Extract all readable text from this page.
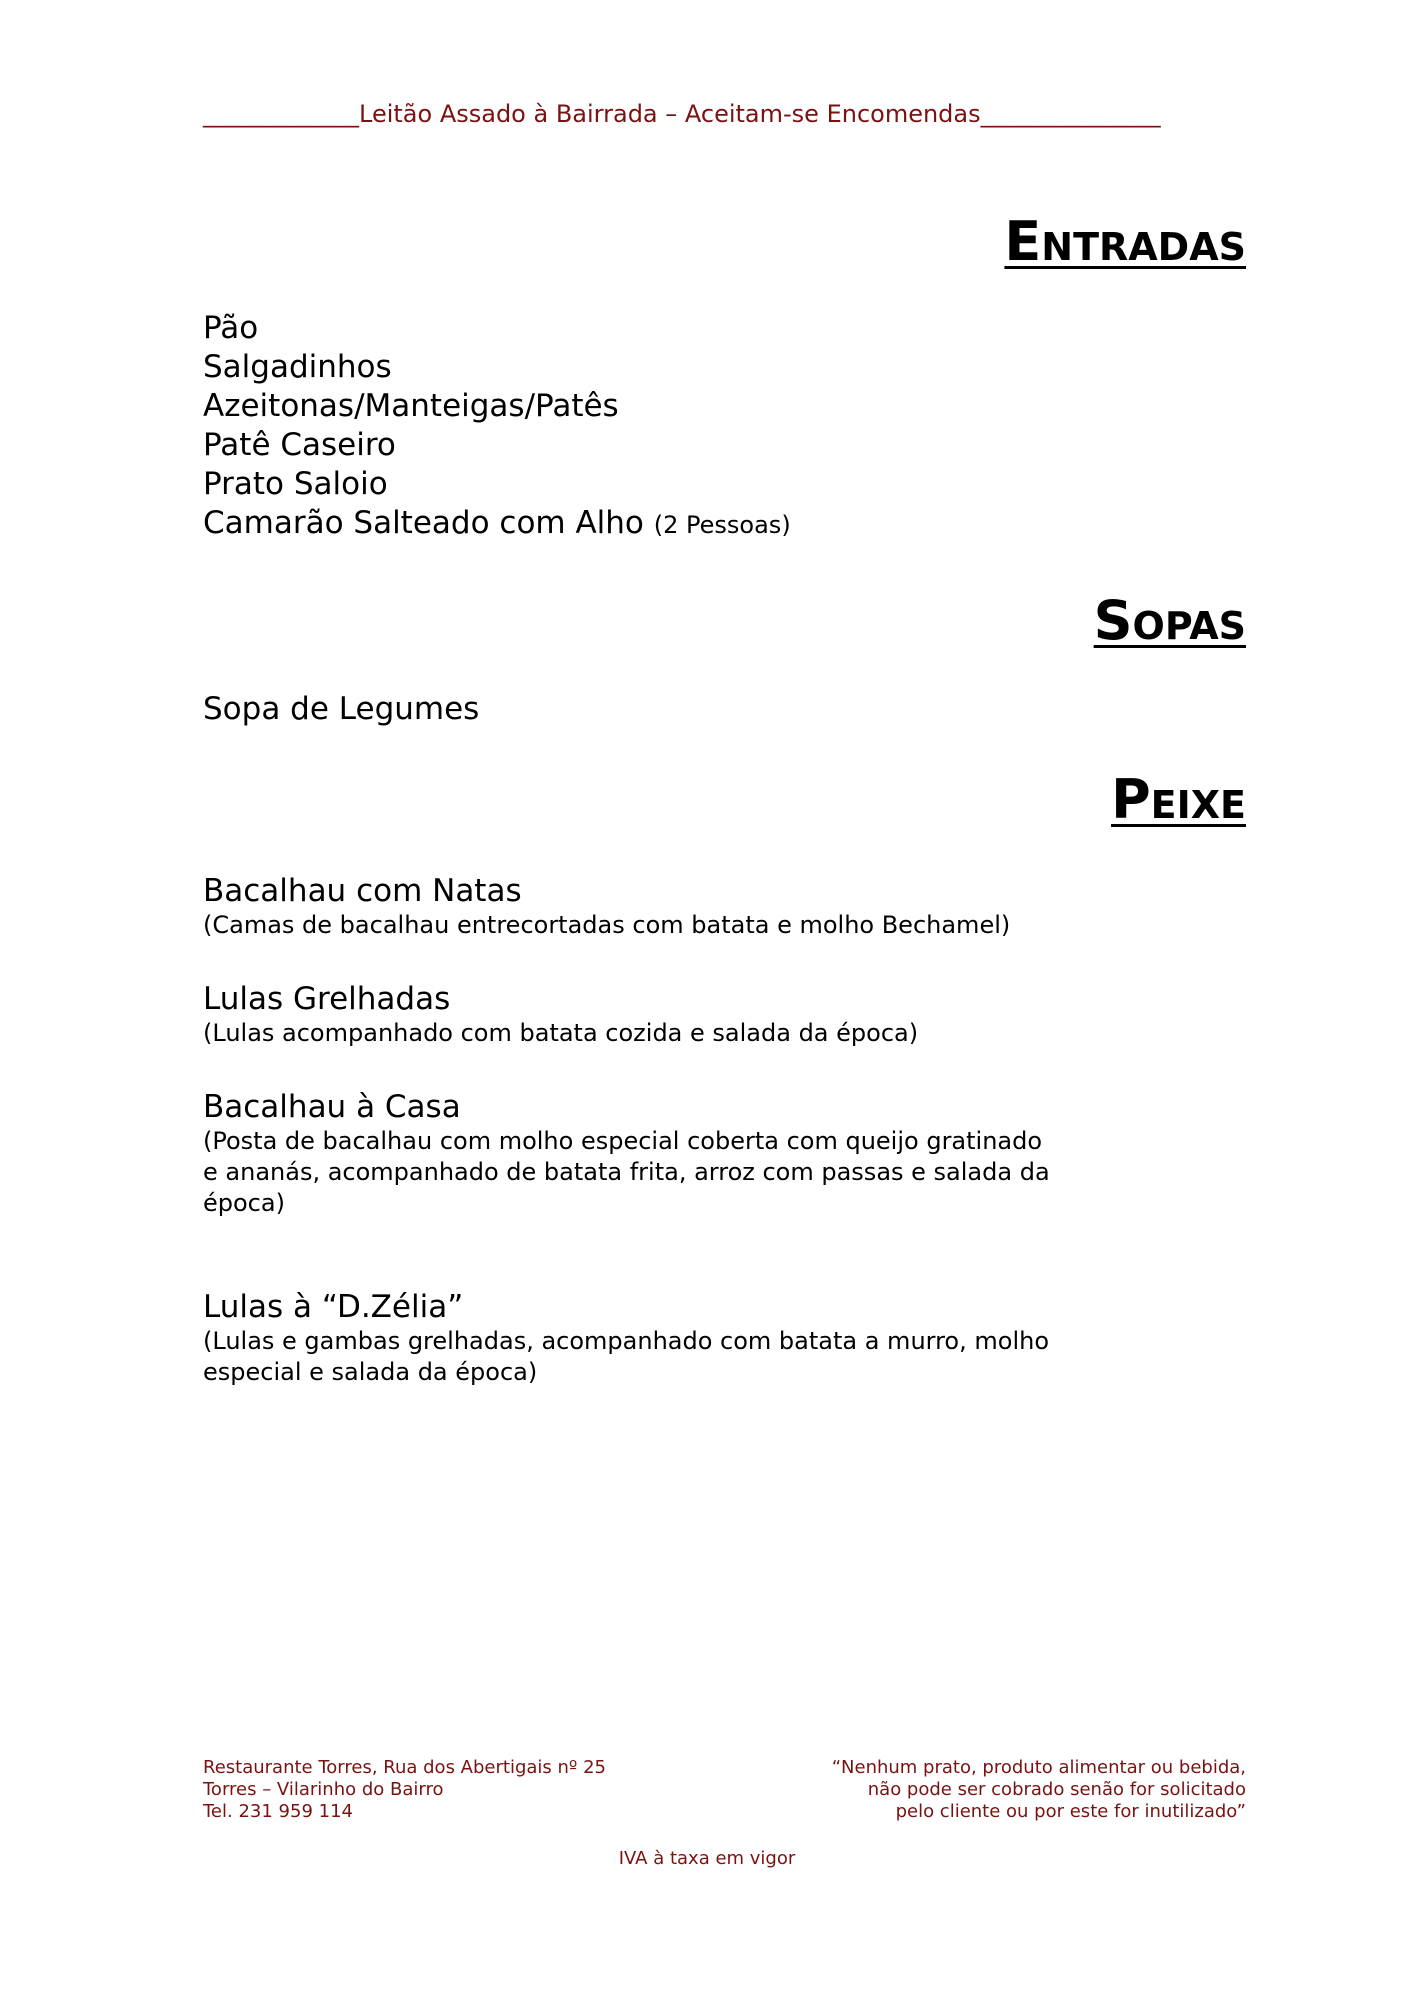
_____________Leitão Assado à Bairrada – Aceitam-se Encomendas_______________
Entradas
Pão
Salgadinhos
Azeitonas/Manteigas/Patês
Patê Caseiro
Prato Saloio
Camarão Salteado com Alho (2 Pessoas)
Sopas
Sopa de Legumes
Peixe
Bacalhau com Natas
(Camas de bacalhau entrecortadas com batata e molho Bechamel)
Lulas Grelhadas
(Lulas acompanhado com batata cozida e salada da época)
Bacalhau à Casa
(Posta de bacalhau com molho especial coberta com queijo gratinado e ananás, acompanhado de batata frita, arroz com passas e salada da época)
Lulas à “D.Zélia”
(Lulas e gambas grelhadas, acompanhado com batata a murro, molho especial e salada da época)
Restaurante Torres, Rua dos Abertigais nº 25
Torres – Vilarinho do Bairro
Tel. 231 959 114
“Nenhum prato, produto alimentar ou bebida,
não pode ser cobrado senão for solicitado
pelo cliente ou por este for inutilizado”
IVA à taxa em vigor
